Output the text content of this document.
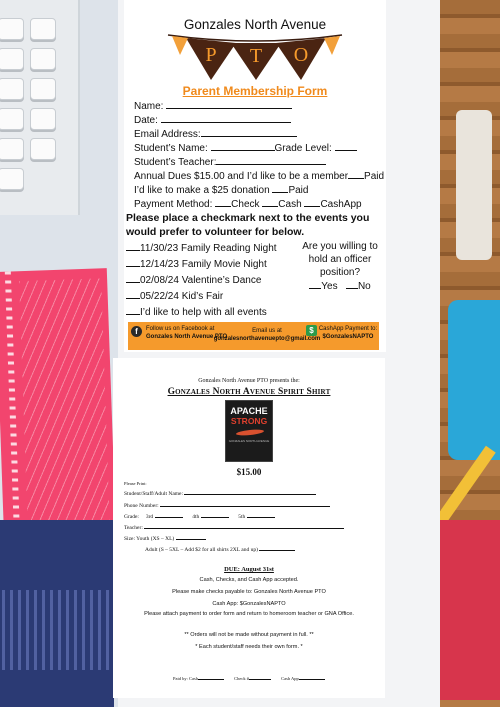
Gonzales North Avenue
P T O
Parent Membership Form
Name:
Date:
Email Address:
Student’s Name:	Grade Level:
Student’s Teacher:
Annual Dues $15.00 and I’d like to be a member Paid
I’d like to make a $25 donation Paid
Payment Method: Check Cash CashApp
Please place a checkmark next to the events you
would prefer to volunteer for below.
11/30/23 Family Reading Night
12/14/23 Family Movie Night
02/08/24 Valentine’s Dance
05/22/24 Kid’s Fair
I’d like to help with all events
Are you willing to
hold an officer
position?
Yes No
f	Follow us on Facebook at
Gonzales North Avenue PTO
Email us at
gonzalesnorthavenuepto@gmail.com
$ CashApp Payment to:
$GonzalesNAPTO
Gonzales North Avenue PTO presents the:
Gonzales North Avenue Spirit Shirt
APACHE
STRONG
GONZALES NORTH AVENUE
$15.00
Please Print:
Student/Staff/Adult Name:
Phone Number:
Grade: 3rd	4th	5th
Teacher:
Size: Youth (XS – XL)
Adult (S – 5XL – Add $2 for all shirts 2XL and up)
DUE: August 31st
Cash, Checks, and Cash App accepted.
Please make checks payable to: Gonzales North Avenue PTO
Cash App: $GonzalesNAPTO
Please attach payment to order form and return to homeroom teacher or GNA Office.
** Orders will not be made without payment in full. **
* Each student/staff needs their own form. *
Paid by: Cash	Check #	Cash App
